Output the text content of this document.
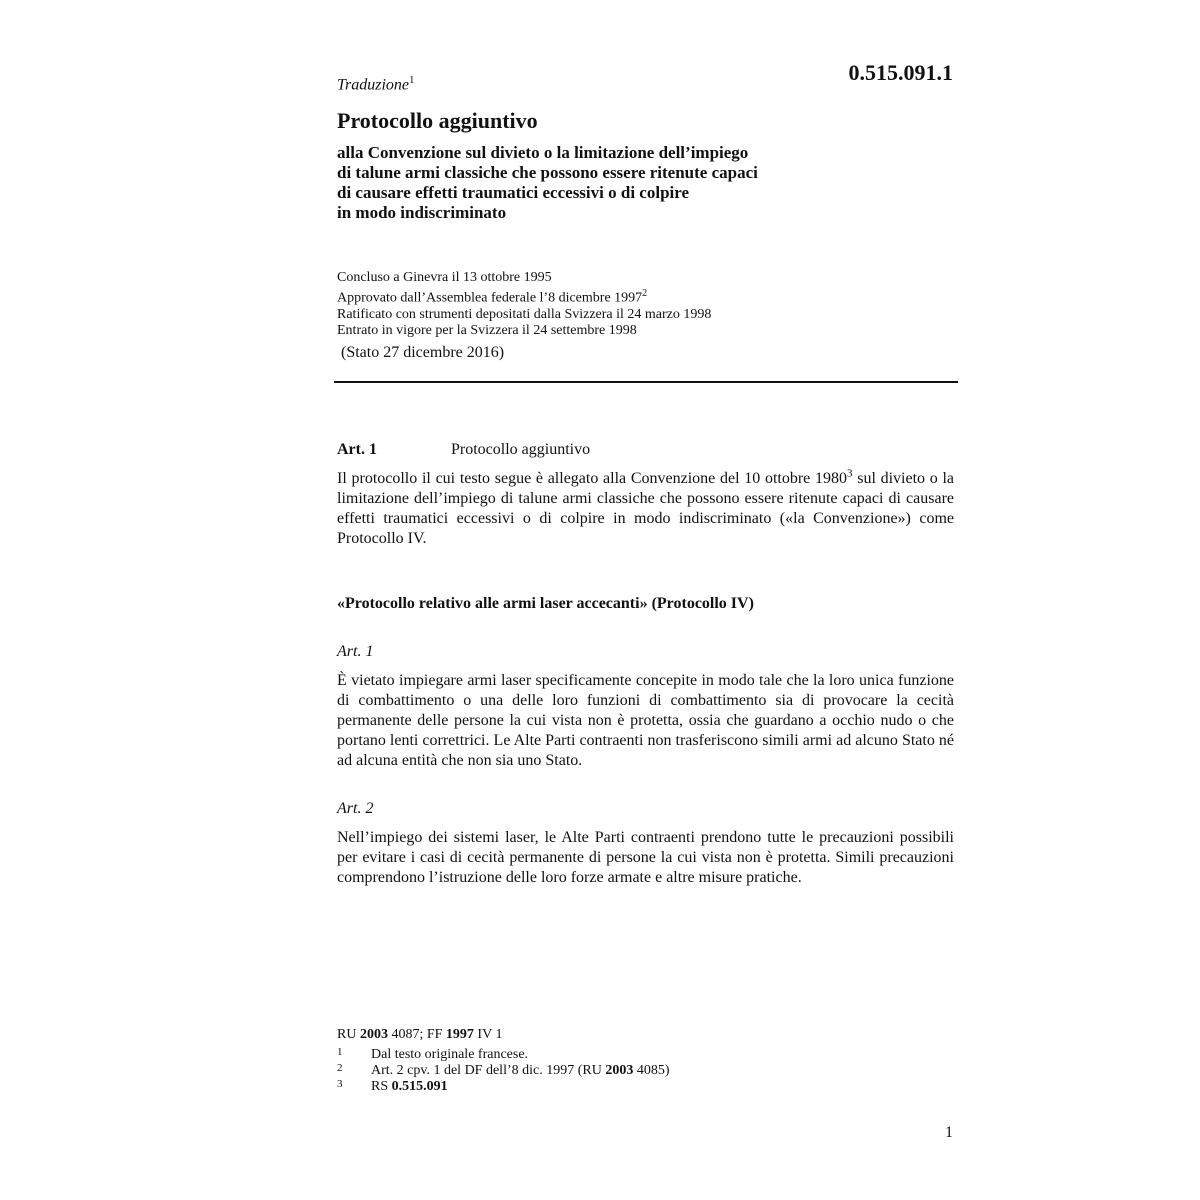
0.515.091.1
Traduzione$^1$
Protocollo aggiuntivo
alla Convenzione sul divieto o la limitazione dell’impiego
di talune armi classiche che possono essere ritenute capaci
di causare effetti traumatici eccessivi o di colpire
in modo indiscriminato
Concluso a Ginevra il 13 ottobre 1995
Approvato dall’Assemblea federale l’8 dicembre 1997$^2$
Ratificato con strumenti depositati dalla Svizzera il 24 marzo 1998
Entrato in vigore per la Svizzera il 24 settembre 1998
(Stato 27 dicembre 2016)
Art. 1	Protocollo aggiuntivo
Il protocollo il cui testo segue è allegato alla Convenzione del 10 ottobre 1980$^3$ sul divieto o la limitazione dell’impiego di talune armi classiche che possono essere ritenute capaci di causare effetti traumatici eccessivi o di colpire in modo indiscriminato («la Convenzione») come Protocollo IV.
«Protocollo relativo alle armi laser accecanti» (Protocollo IV)
Art. 1
È vietato impiegare armi laser specificamente concepite in modo tale che la loro unica funzione di combattimento o una delle loro funzioni di combattimento sia di provocare la cecità permanente delle persone la cui vista non è protetta, ossia che guardano a occhio nudo o che portano lenti correttrici. Le Alte Parti contraenti non trasferiscono simili armi ad alcuno Stato né ad alcuna entità che non sia uno Stato.
Art. 2
Nell’impiego dei sistemi laser, le Alte Parti contraenti prendono tutte le precauzioni possibili per evitare i casi di cecità permanente di persone la cui vista non è protetta. Simili precauzioni comprendono l’istruzione delle loro forze armate e altre misure pratiche.
RU 2003 4087; FF 1997 IV 1
1	Dal testo originale francese.
2	Art. 2 cpv. 1 del DF dell’8 dic. 1997 (RU 2003 4085)
3	RS 0.515.091
1
